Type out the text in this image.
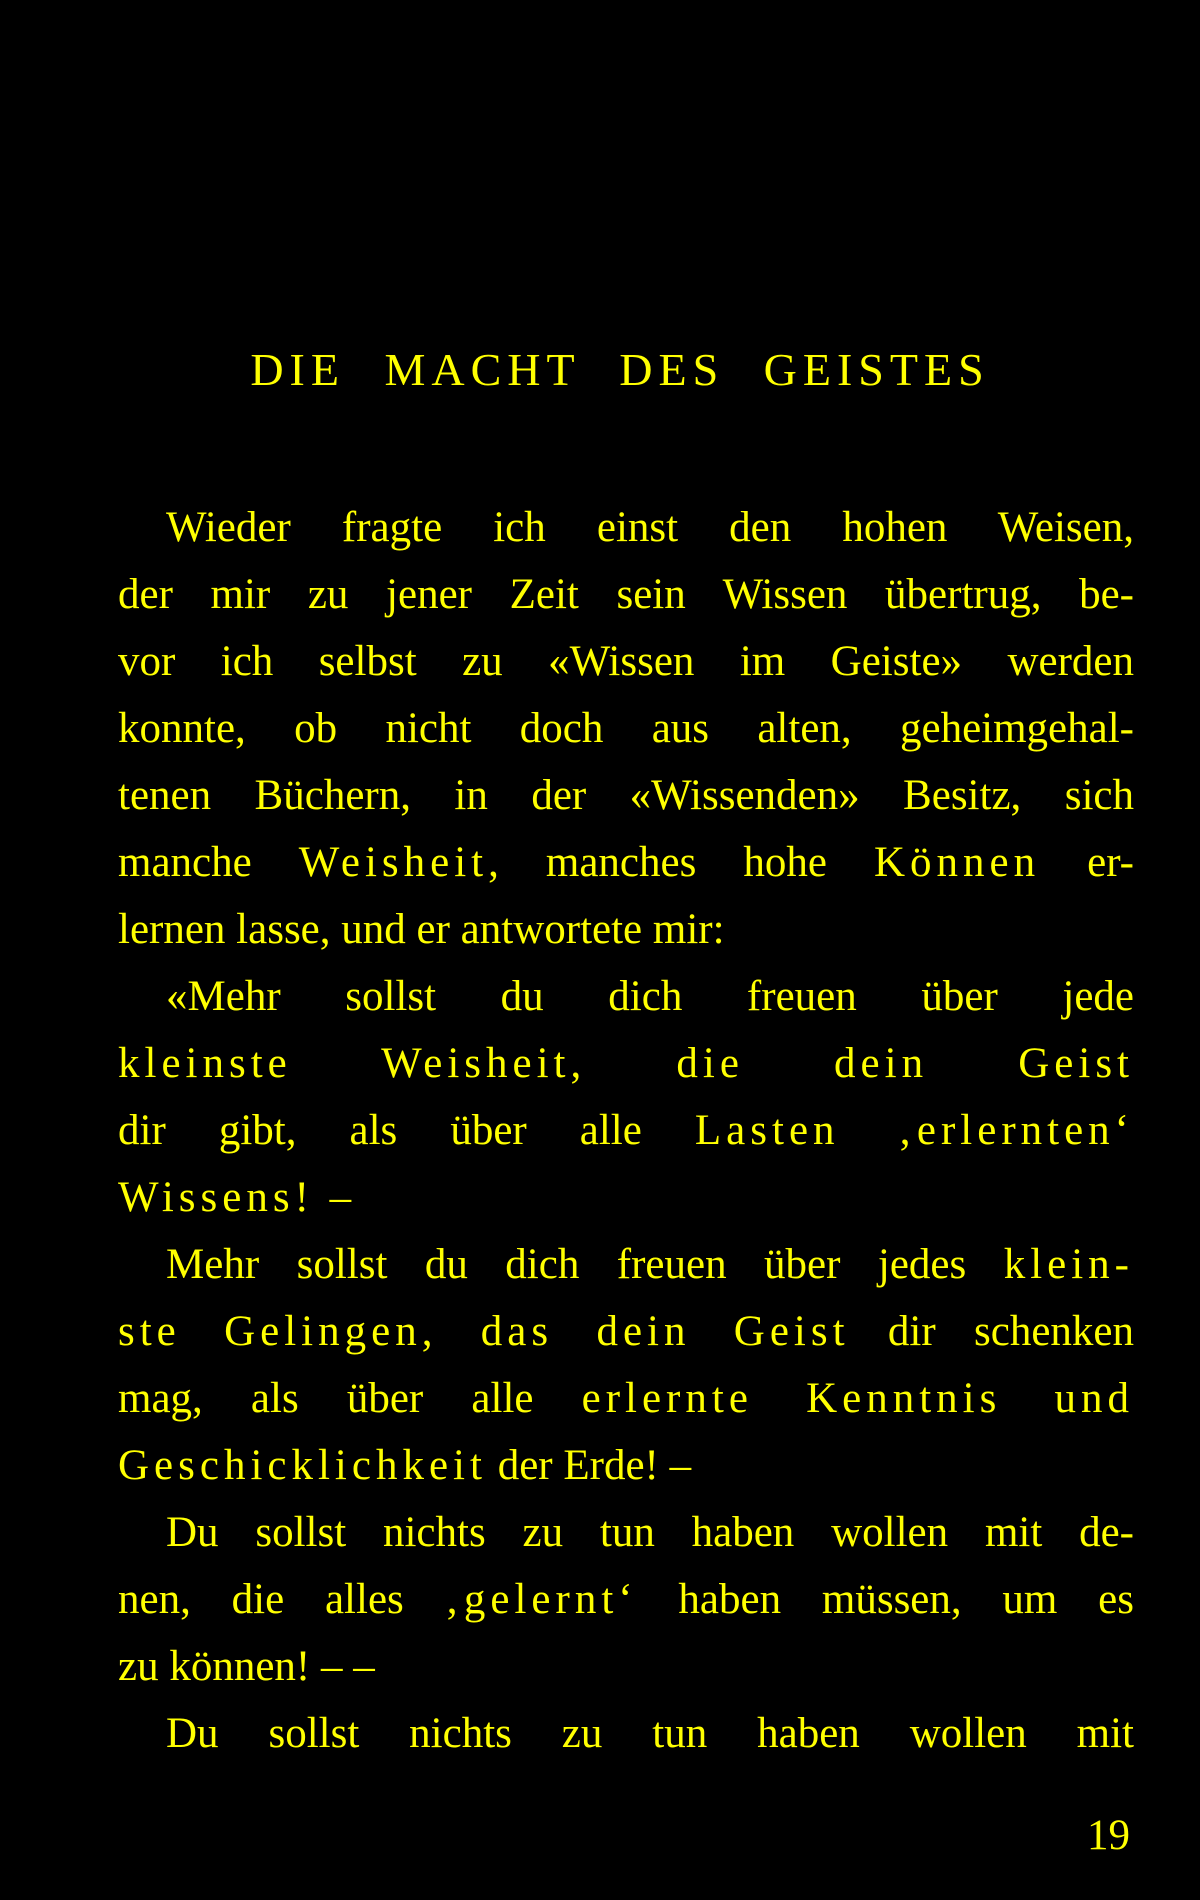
DIE MACHT DES GEISTES
Wieder fragte ich einst den hohen Weisen,
der mir zu jener Zeit sein Wissen übertrug, be-
vor ich selbst zu «Wissen im Geiste» werden
konnte, ob nicht doch aus alten, geheimgehal-
tenen Büchern, in der «Wissenden» Besitz, sich
manche Weisheit, manches hohe Können er-
lernen lasse, und er antwortete mir:
«Mehr sollst du dich freuen über jede
kleinste Weisheit, die dein Geist
dir gibt, als über alle Lasten ‚erlernten‘
Wissens! –
Mehr sollst du dich freuen über jedes klein-
ste Gelingen, das dein Geist dir schenken
mag, als über alle erlernte Kenntnis und
Geschicklichkeit der Erde! –
Du sollst nichts zu tun haben wollen mit de-
nen, die alles ‚gelernt‘ haben müssen, um es
zu können! – –
Du sollst nichts zu tun haben wollen mit
19
